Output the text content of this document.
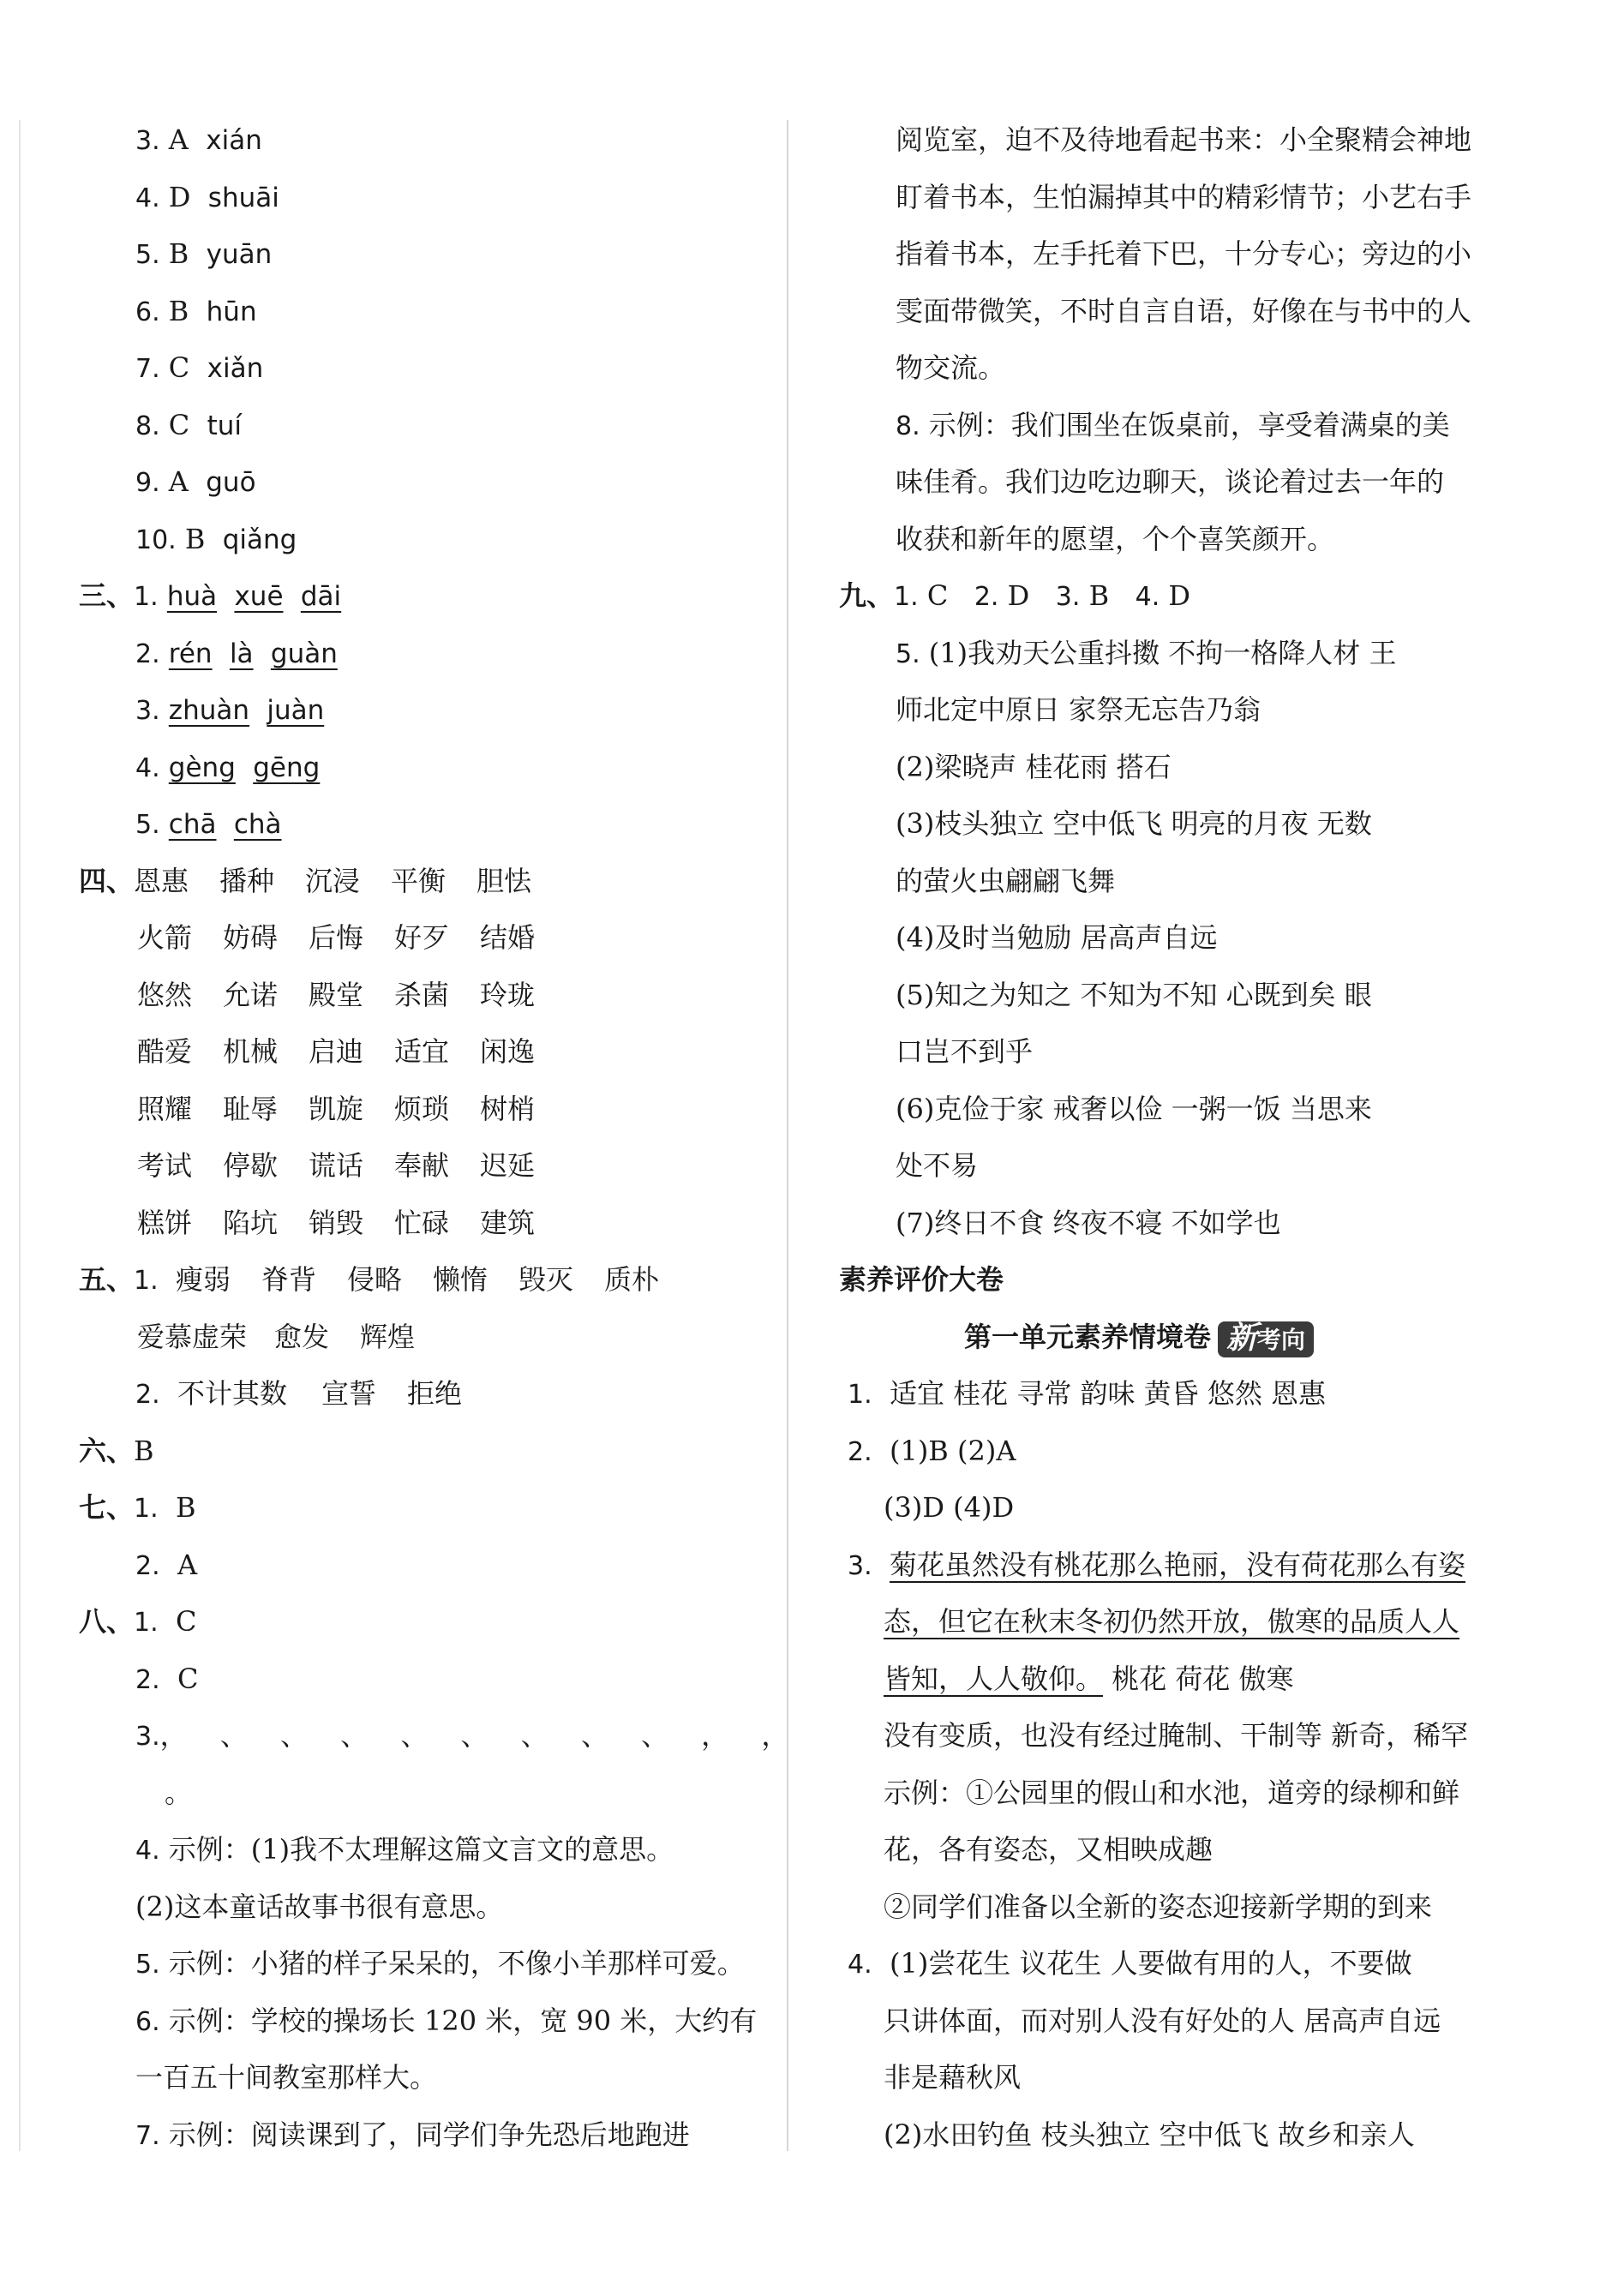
3. A xián
4. D shuāi
5. B yuān
6. B hūn
7. C xiǎn
8. C tuí
9. A guō
10. B qiǎng
三、1. huà xuē dāi
2. rén là guàn
3. zhuàn juàn
4. gèng gēng
5. chā chà
四、恩惠 播种 沉浸 平衡 胆怯
火箭 妨碍 后悔 好歹 结婚
悠然 允诺 殿堂 杀菌 玲珑
酷爱 机械 启迪 适宜 闲逸
照耀 耻辱 凯旋 烦琐 树梢
考试 停歇 谎话 奉献 迟延
糕饼 陷坑 销毁 忙碌 建筑
五、1. 瘦弱 脊背 侵略 懒惰 毁灭 质朴
爱慕虚荣 愈发 辉煌
2. 不计其数 宣誓 拒绝
六、B
七、1. B
2. A
八、1. C
2. C
3.， 、 、 、 、 、 、 、 、 ， ，
。
4. 示例：(1)我不太理解这篇文言文的意思。
(2)这本童话故事书很有意思。
5. 示例：小猪的样子呆呆的，不像小羊那样可爱。
6. 示例：学校的操场长 120 米，宽 90 米，大约有
一百五十间教室那样大。
7. 示例：阅读课到了，同学们争先恐后地跑进
阅览室，迫不及待地看起书来：小全聚精会神地
盯着书本，生怕漏掉其中的精彩情节；小艺右手
指着书本，左手托着下巴，十分专心；旁边的小
雯面带微笑，不时自言自语，好像在与书中的人
物交流。
8. 示例：我们围坐在饭桌前，享受着满桌的美
味佳肴。我们边吃边聊天，谈论着过去一年的
收获和新年的愿望，个个喜笑颜开。
九、1. C 2. D 3. B 4. D
5. (1)我劝天公重抖擞 不拘一格降人材 王
师北定中原日 家祭无忘告乃翁
(2)梁晓声 桂花雨 搭石
(3)枝头独立 空中低飞 明亮的月夜 无数
的萤火虫翩翩飞舞
(4)及时当勉励 居高声自远
(5)知之为知之 不知为不知 心既到矣 眼
口岂不到乎
(6)克俭于家 戒奢以俭 一粥一饭 当思来
处不易
(7)终日不食 终夜不寝 不如学也
素养评价大卷
第一单元素养情境卷 新考向
1. 适宜 桂花 寻常 韵味 黄昏 悠然 恩惠
2. (1)B (2)A
(3)D (4)D
3. 菊花虽然没有桃花那么艳丽，没有荷花那么有姿
态，但它在秋末冬初仍然开放，傲寒的品质人人
皆知，人人敬仰。 桃花 荷花 傲寒
没有变质，也没有经过腌制、干制等 新奇，稀罕
示例：①公园里的假山和水池，道旁的绿柳和鲜
花，各有姿态，又相映成趣
②同学们准备以全新的姿态迎接新学期的到来
4. (1)尝花生 议花生 人要做有用的人，不要做
只讲体面，而对别人没有好处的人 居高声自远
非是藉秋风
(2)水田钓鱼 枝头独立 空中低飞 故乡和亲人
